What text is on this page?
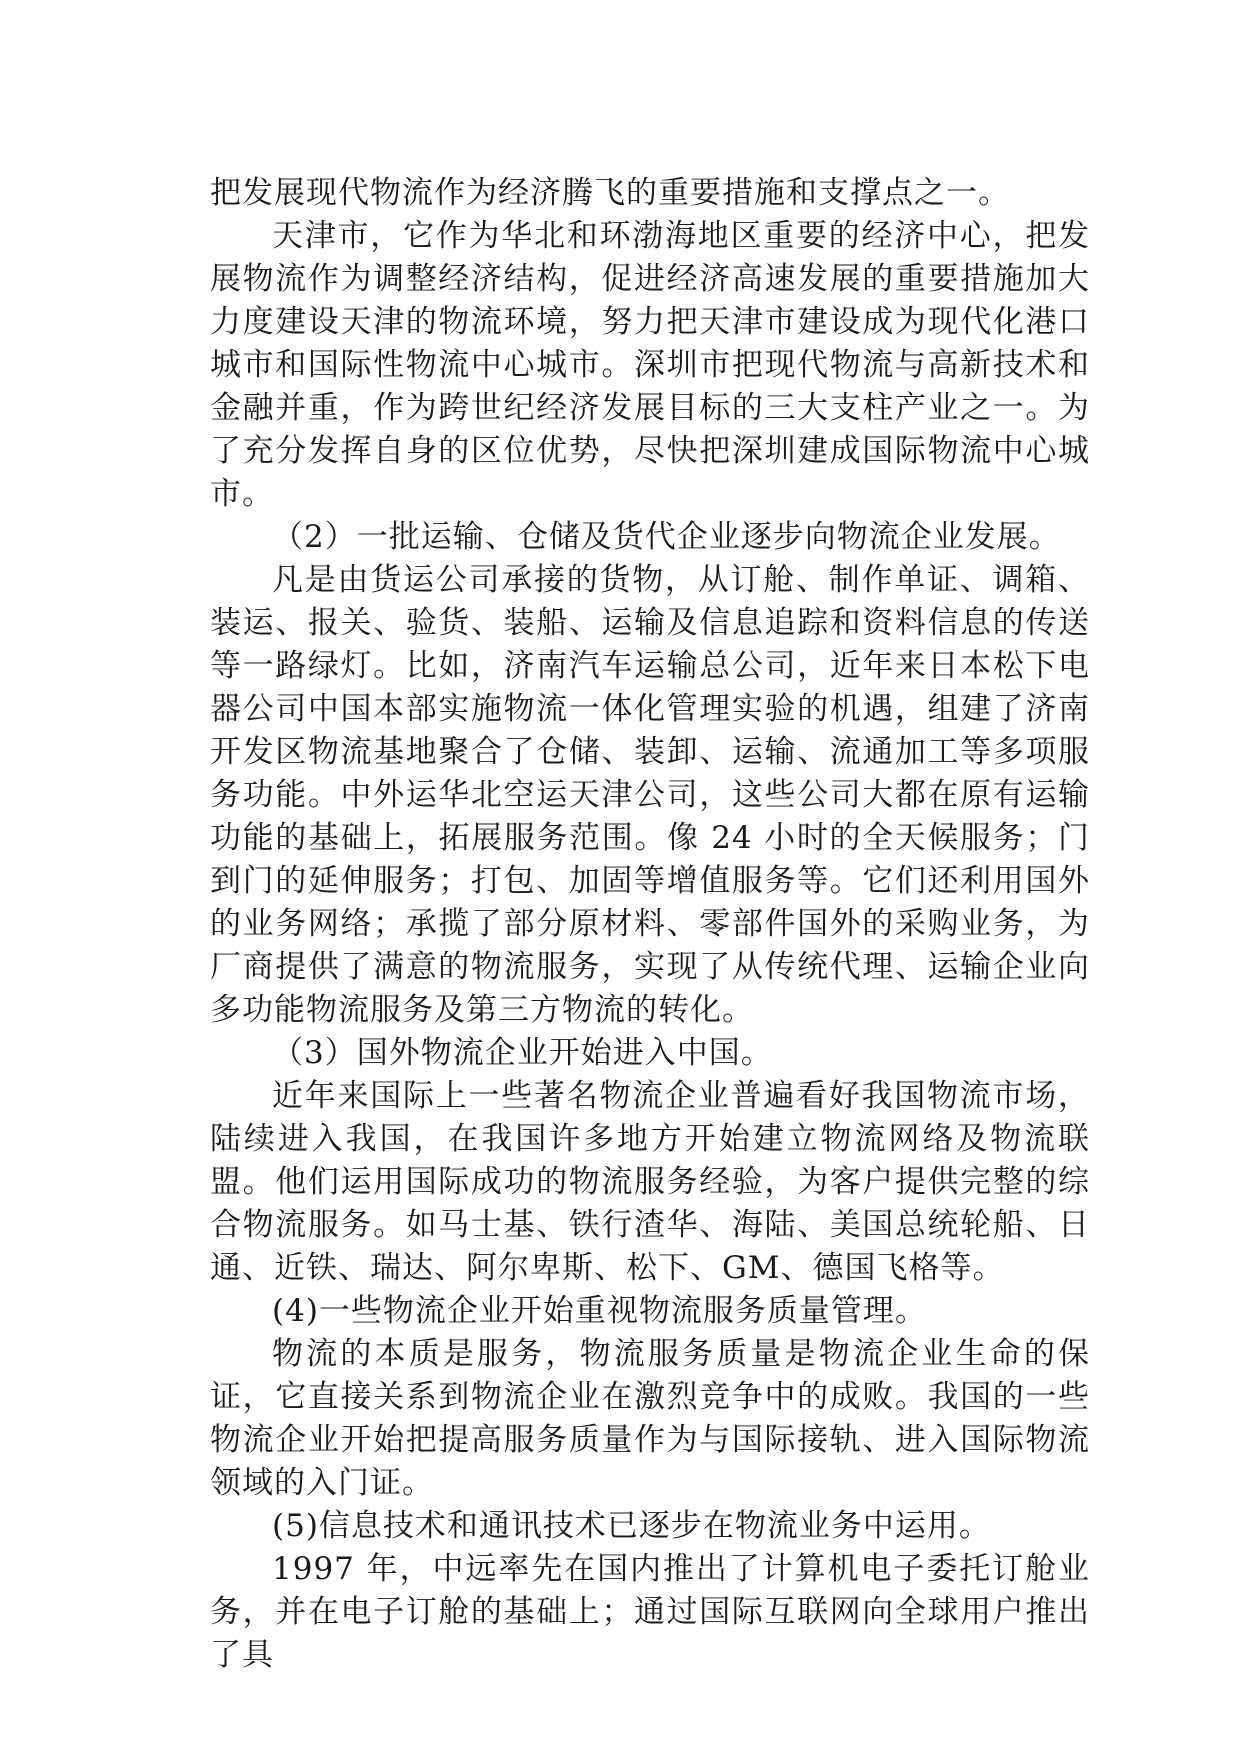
把发展现代物流作为经济腾飞的重要措施和支撑点之一。

天津市，它作为华北和环渤海地区重要的经济中心，把发展物流作为调整经济结构，促进经济高速发展的重要措施加大力度建设天津的物流环境，努力把天津市建设成为现代化港口城市和国际性物流中心城市。深圳市把现代物流与高新技术和金融并重，作为跨世纪经济发展目标的三大支柱产业之一。为了充分发挥自身的区位优势，尽快把深圳建成国际物流中心城市。

（2）一批运输、仓储及货代企业逐步向物流企业发展。

凡是由货运公司承接的货物，从订舱、制作单证、调箱、装运、报关、验货、装船、运输及信息追踪和资料信息的传送等一路绿灯。比如，济南汽车运输总公司，近年来日本松下电器公司中国本部实施物流一体化管理实验的机遇，组建了济南开发区物流基地聚合了仓储、装卸、运输、流通加工等多项服务功能。中外运华北空运天津公司，这些公司大都在原有运输功能的基础上，拓展服务范围。像 24 小时的全天候服务；门到门的延伸服务；打包、加固等增值服务等。它们还利用国外的业务网络；承揽了部分原材料、零部件国外的采购业务，为厂商提供了满意的物流服务，实现了从传统代理、运输企业向多功能物流服务及第三方物流的转化。

（3）国外物流企业开始进入中国。

近年来国际上一些著名物流企业普遍看好我国物流市场，陆续进入我国，在我国许多地方开始建立物流网络及物流联盟。他们运用国际成功的物流服务经验，为客户提供完整的综合物流服务。如马士基、铁行渣华、海陆、美国总统轮船、日通、近铁、瑞达、阿尔卑斯、松下、GM、德国飞格等。

(4)一些物流企业开始重视物流服务质量管理。

物流的本质是服务，物流服务质量是物流企业生命的保证，它直接关系到物流企业在激烈竞争中的成败。我国的一些物流企业开始把提高服务质量作为与国际接轨、进入国际物流领域的入门证。

(5)信息技术和通讯技术已逐步在物流业务中运用。

1997 年，中远率先在国内推出了计算机电子委托订舱业务，并在电子订舱的基础上；通过国际互联网向全球用户推出了具
